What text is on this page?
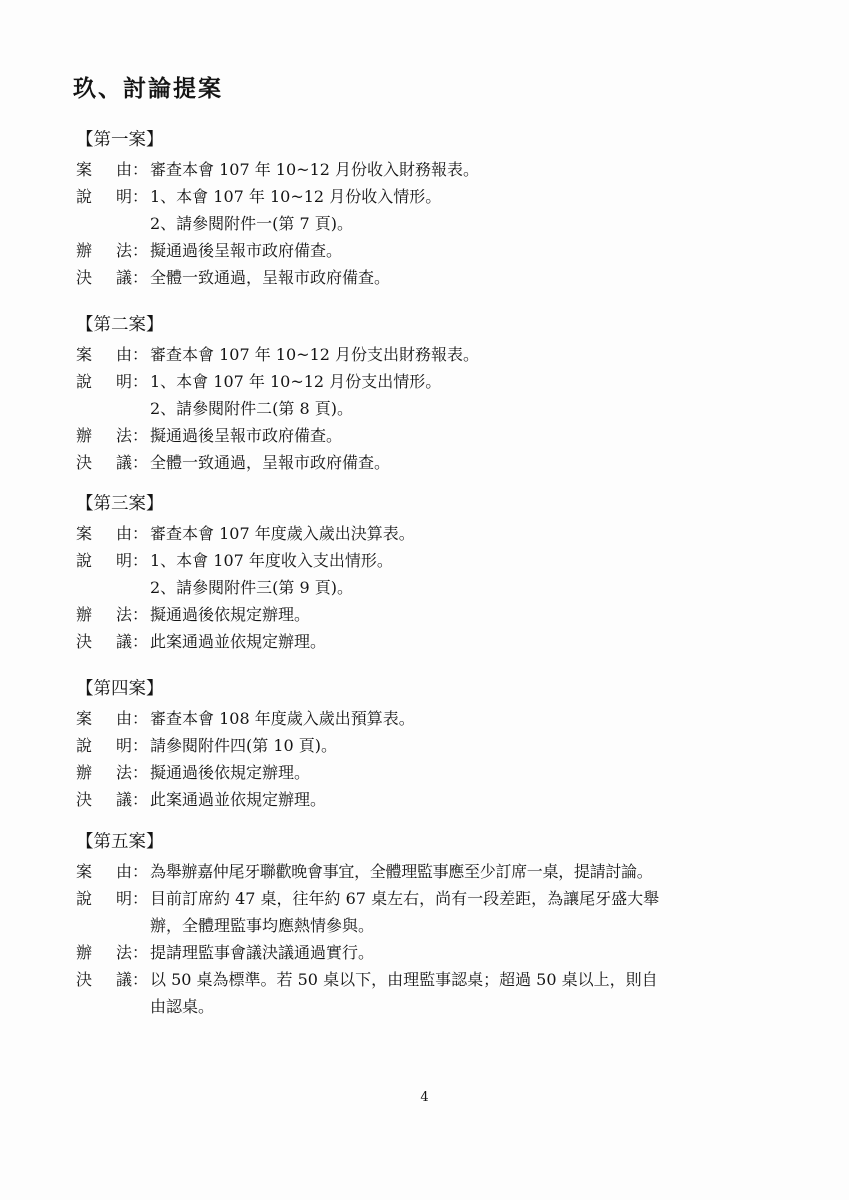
玖、討論提案
【第一案】
案 由： 審查本會 107 年 10~12 月份收入財務報表。
說 明： 1、本會 107 年 10~12 月份收入情形。
2、請參閱附件一(第 7 頁)。
辦 法： 擬通過後呈報市政府備查。
決 議： 全體一致通過，呈報市政府備查。
【第二案】
案 由： 審查本會 107 年 10~12 月份支出財務報表。
說 明： 1、本會 107 年 10~12 月份支出情形。
2、請參閱附件二(第 8 頁)。
辦 法： 擬通過後呈報市政府備查。
決 議： 全體一致通過，呈報市政府備查。
【第三案】
案 由： 審查本會 107 年度歲入歲出決算表。
說 明： 1、本會 107 年度收入支出情形。
2、請參閱附件三(第 9 頁)。
辦 法： 擬通過後依規定辦理。
決 議： 此案通過並依規定辦理。
【第四案】
案 由： 審查本會 108 年度歲入歲出預算表。
說 明： 請參閱附件四(第 10 頁)。
辦 法： 擬通過後依規定辦理。
決 議： 此案通過並依規定辦理。
【第五案】
案 由： 為舉辦嘉仲尾牙聯歡晚會事宜，全體理監事應至少訂席一桌，提請討論。
說 明： 目前訂席約 47 桌，往年約 67 桌左右，尚有一段差距，為讓尾牙盛大舉
辦，全體理監事均應熱情參與。
辦 法： 提請理監事會議決議通過實行。
決 議： 以 50 桌為標準。若 50 桌以下，由理監事認桌；超過 50 桌以上，則自
由認桌。
4
